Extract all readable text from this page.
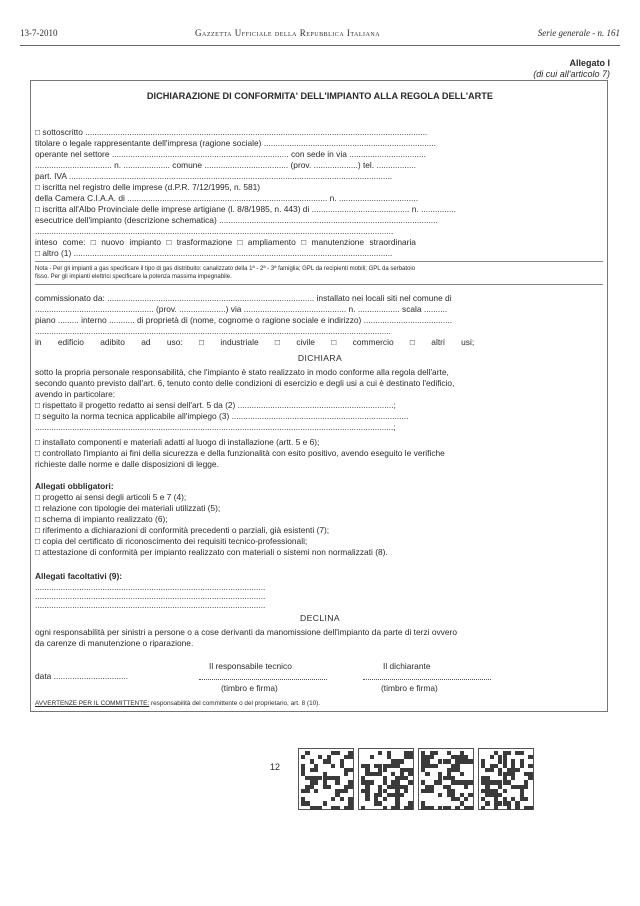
13-7-2010	Gazzetta Ufficiale della Repubblica Italiana	Serie generale - n. 161
Allegato I
(di cui all'articolo 7)
DICHIARAZIONE DI CONFORMITA' DELL'IMPIANTO ALLA REGOLA DELL'ARTE
□ sottoscritto ...................................................................................................................................................
titolare o legale rappresentante dell'impresa (ragione sociale) ..........................................................................
operante nel settore ............................................................................ con sede in via .................................
................................. n. .................... comune .................................... (prov. ...................) tel. .................
part. IVA ...........................................................................................................................................
□ iscritta nel registro delle imprese (d.P.R. 7/12/1995, n. 581)
della Camera C.I.A.A. di ...................................................................................... n. ..................................
□ iscritta all'Albo Provinciale delle imprese artigiane (l. 8/8/1985, n. 443) di .......................................... n. ...............
esecutrice dell'impianto (descrizione schematica) ..............................................................................................
..........................................................................................................................................................
inteso come: □ nuovo impianto □ trasformazione □ ampliamento □ manutenzione straordinaria
□ altro (1) .........................................................................................................................................
Nota - Per gli impianti a gas specificare il tipo di gas distribuito: canalizzato della 1ª - 2ª - 3ª famiglia; GPL da recipienti mobili; GPL da serbatoio
fisso. Per gli impianti elettrici specificare la potenza massima impegnabile.
commissionato da: ......................................................................................... installato nei locali siti nel comune di
................................................... (prov. ....................) via ............................................ n. .................. scala ..........
piano ......... interno ........... di proprietà di (nome, cognome o ragione sociale e indirizzo) ......................................
.........................................................................................................................................................
in edificio adibito ad uso: □ industriale □ civile □ commercio □ altri usi;
DICHIARA
sotto la propria personale responsabilità, che l'impianto è stato realizzato in modo conforme alla regola dell'arte,
secondo quanto previsto dall'art. 6, tenuto conto delle condizioni di esercizio e degli usi a cui è destinato l'edificio,
avendo in particolare:
□ rispettato il progetto redatto ai sensi dell'art. 5 da (2) ...................................................................;
□ seguito la norma tecnica applicabile all'impiego (3) ............................................................................
..........................................................................................................................................................;
□ installato componenti e materiali adatti al luogo di installazione (artt. 5 e 6);
□ controllato l'impianto ai fini della sicurezza e della funzionalità con esito positivo, avendo eseguito le verifiche
richieste dalle norme e dalle disposizioni di legge.
Allegati obbligatori:
□ progetto ai sensi degli articoli 5 e 7 (4);
□ relazione con tipologie dei materiali utilizzati (5);
□ schema di impianto realizzato (6);
□ riferimento a dichiarazioni di conformità precedenti o parziali, già esistenti (7);
□ copia del certificato di riconoscimento dei requisiti tecnico-professionali;
□ attestazione di conformità per impianto realizzato con materiali o sistemi non normalizzati (8).
Allegati facoltativi (9):
...................................................................................................
...................................................................................................
...................................................................................................
DECLINA
ogni responsabilità per sinistri a persone o a cose derivanti da manomissione dell'impianto da parte di terzi ovvero
da carenze di manutenzione o riparazione.
Il responsabile tecnico	Il dichiarante
data ................................
(timbro e firma)	(timbro e firma)
AVVERTENZE PER IL COMMITTENTE: responsabilità del committente o del proprietario, art. 8 (10).
12
